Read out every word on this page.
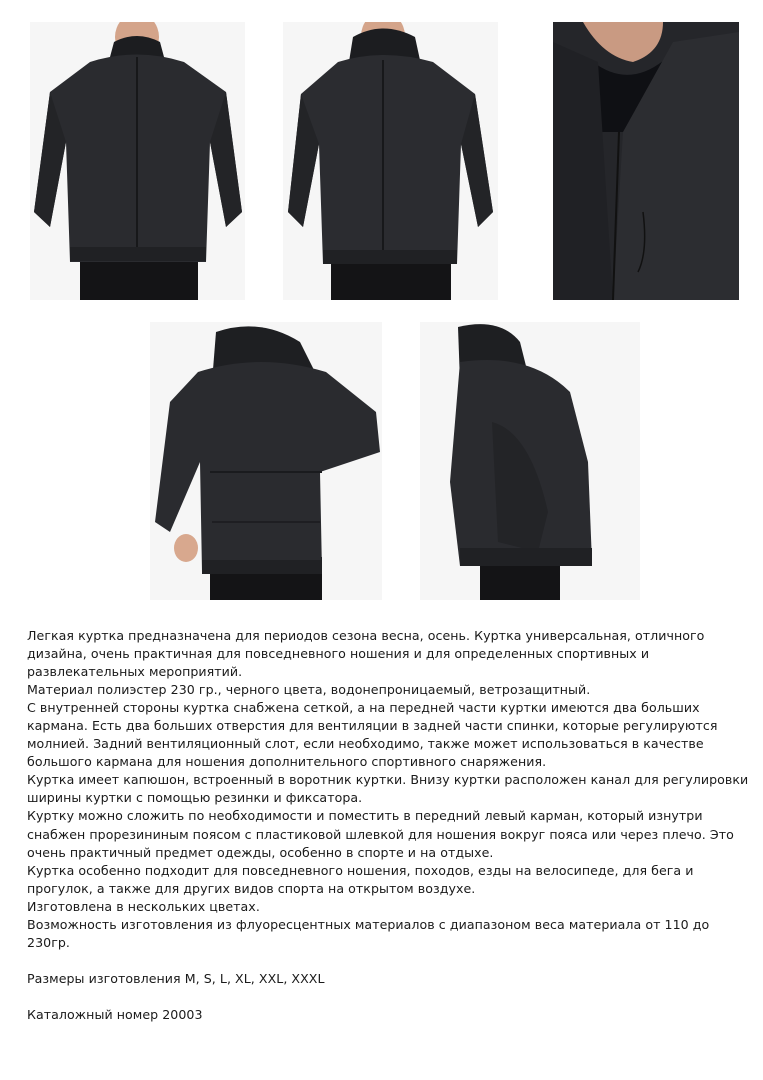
Легкая куртка предназначена для периодов сезона весна, осень. Куртка универсальная, отличного дизайна, очень практичная для повседневного ношения и для определенных спортивных и развлекательных мероприятий.

Материал полиэстер 230 гр., черного цвета, водонепроницаемый, ветрозащитный.

С внутренней стороны куртка снабжена сеткой, а на передней части куртки имеются два больших кармана. Есть два больших отверстия для вентиляции в задней части спинки, которые регулируются молнией. Задний вентиляционный слот, если необходимо, также может использоваться в качестве большого кармана для ношения дополнительного спортивного снаряжения.

Куртка имеет капюшон, встроенный в воротник куртки. Внизу куртки расположен канал для регулировки ширины куртки с помощью резинки и фиксатора.

Куртку можно сложить по необходимости и поместить в передний левый карман, который изнутри снабжен прорезининым поясом с пластиковой шлевкой для ношения вокруг пояса или через плечо. Это очень практичный предмет одежды, особенно в спорте и на отдыхе.

Куртка особенно подходит для повседневного ношения, походов, езды на велосипеде, для бега и прогулок, а также для других видов спорта на открытом воздухе.

Изготовлена в нескольких цветах.

Возможность изготовления из флуоресцентных материалов с диапазоном веса материала от 110 до 230гр.

Размеры изготовления M, S, L, XL, XXL, XXXL

Каталожный номер 20003
